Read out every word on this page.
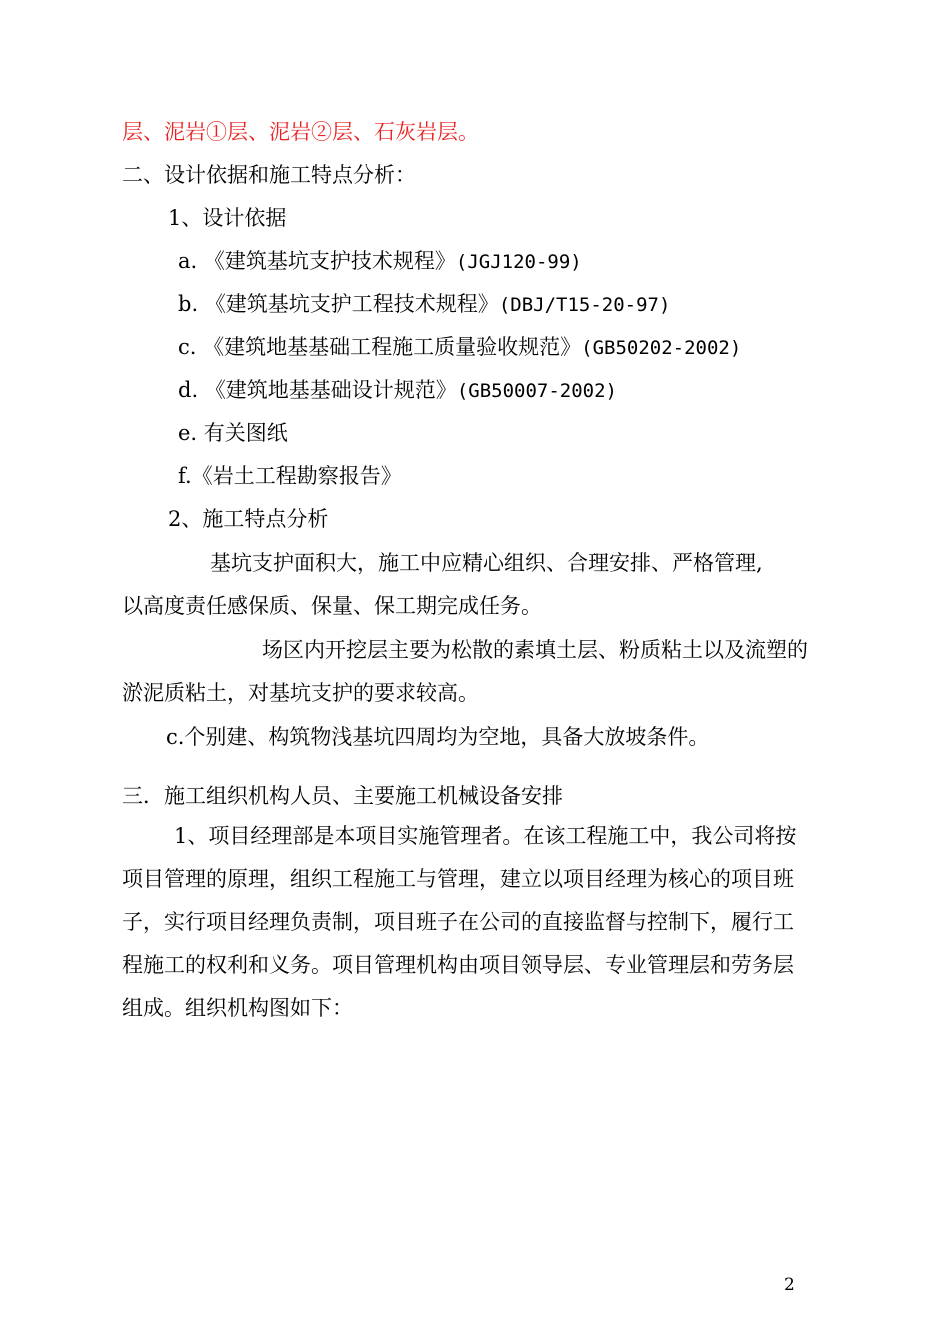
层、泥岩①层、泥岩②层、石灰岩层。
二、设计依据和施工特点分析：
1、设计依据
a. 《建筑基坑支护技术规程》(JGJ120-99)
b. 《建筑基坑支护工程技术规程》(DBJ/T15-20-97)
c. 《建筑地基基础工程施工质量验收规范》(GB50202-2002)
d. 《建筑地基基础设计规范》(GB50007-2002)
e. 有关图纸
f.《岩土工程勘察报告》
2、施工特点分析
基坑支护面积大，施工中应精心组织、合理安排、严格管理,
以高度责任感保质、保量、保工期完成任务。
场区内开挖层主要为松散的素填土层、粉质粘土以及流塑的
淤泥质粘土，对基坑支护的要求较高。
c.个别建、构筑物浅基坑四周均为空地，具备大放坡条件。
三．施工组织机构人员、主要施工机械设备安排
1、项目经理部是本项目实施管理者。在该工程施工中，我公司将按
项目管理的原理，组织工程施工与管理，建立以项目经理为核心的项目班
子，实行项目经理负责制，项目班子在公司的直接监督与控制下，履行工
程施工的权利和义务。项目管理机构由项目领导层、专业管理层和劳务层
组成。组织机构图如下：
2
